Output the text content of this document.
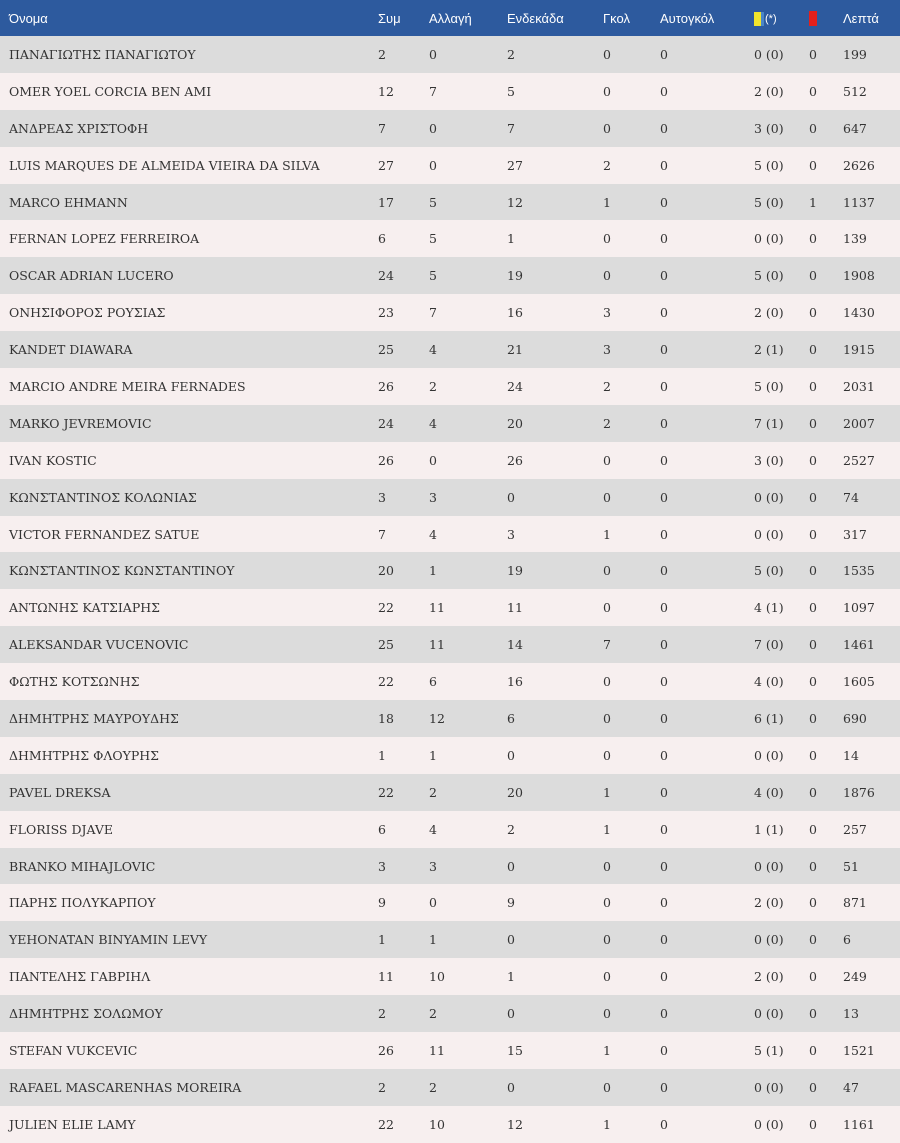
Όνομα	Συμ	Αλλαγή	Ενδεκάδα	Γκολ	Αυτογκόλ	(*)		Λεπτά
ΠΑΝΑΓΙΩΤΗΣ ΠΑΝΑΓΙΩΤΟΥ	2	0	2	0	0	0 (0)	0	199
OMER YOEL CORCIA BEN AMI	12	7	5	0	0	2 (0)	0	512
ΑΝΔΡΕΑΣ ΧΡΙΣΤΟΦΗ	7	0	7	0	0	3 (0)	0	647
LUIS MARQUES DE ALMEIDA VIEIRA DA SILVA	27	0	27	2	0	5 (0)	0	2626
MARCO EHMANN	17	5	12	1	0	5 (0)	1	1137
FERNAN LOPEZ FERREIROA	6	5	1	0	0	0 (0)	0	139
OSCAR ADRIAN LUCERO	24	5	19	0	0	5 (0)	0	1908
ΟΝΗΣΙΦΟΡΟΣ ΡΟΥΣΙΑΣ	23	7	16	3	0	2 (0)	0	1430
KANDET DIAWARA	25	4	21	3	0	2 (1)	0	1915
MARCIO ANDRE MEIRA FERNADES	26	2	24	2	0	5 (0)	0	2031
MARKO JEVREMOVIC	24	4	20	2	0	7 (1)	0	2007
IVAN KOSTIC	26	0	26	0	0	3 (0)	0	2527
ΚΩΝΣΤΑΝΤΙΝΟΣ ΚΟΛΩΝΙΑΣ	3	3	0	0	0	0 (0)	0	74
VICTOR FERNANDEZ SATUE	7	4	3	1	0	0 (0)	0	317
ΚΩΝΣΤΑΝΤΙΝΟΣ ΚΩΝΣΤΑΝΤΙΝΟΥ	20	1	19	0	0	5 (0)	0	1535
ΑΝΤΩΝΗΣ ΚΑΤΣΙΑΡΗΣ	22	11	11	0	0	4 (1)	0	1097
ALEKSANDAR VUCENOVIC	25	11	14	7	0	7 (0)	0	1461
ΦΩΤΗΣ ΚΟΤΣΩΝΗΣ	22	6	16	0	0	4 (0)	0	1605
ΔΗΜΗΤΡΗΣ ΜΑΥΡΟΥΔΗΣ	18	12	6	0	0	6 (1)	0	690
ΔΗΜΗΤΡΗΣ ΦΛΟΥΡΗΣ	1	1	0	0	0	0 (0)	0	14
PAVEL DREKSA	22	2	20	1	0	4 (0)	0	1876
FLORISS DJAVE	6	4	2	1	0	1 (1)	0	257
BRANKO MIHAJLOVIC	3	3	0	0	0	0 (0)	0	51
ΠΑΡΗΣ ΠΟΛΥΚΑΡΠΟΥ	9	0	9	0	0	2 (0)	0	871
YEHONATAN BINYAMIN LEVY	1	1	0	0	0	0 (0)	0	6
ΠΑΝΤΕΛΗΣ ΓΑΒΡΙΗΛ	11	10	1	0	0	2 (0)	0	249
ΔΗΜΗΤΡΗΣ ΣΟΛΩΜΟΥ	2	2	0	0	0	0 (0)	0	13
STEFAN VUKCEVIC	26	11	15	1	0	5 (1)	0	1521
RAFAEL MASCARENHAS MOREIRA	2	2	0	0	0	0 (0)	0	47
JULIEN ELIE LAMY	22	10	12	1	0	0 (0)	0	1161
